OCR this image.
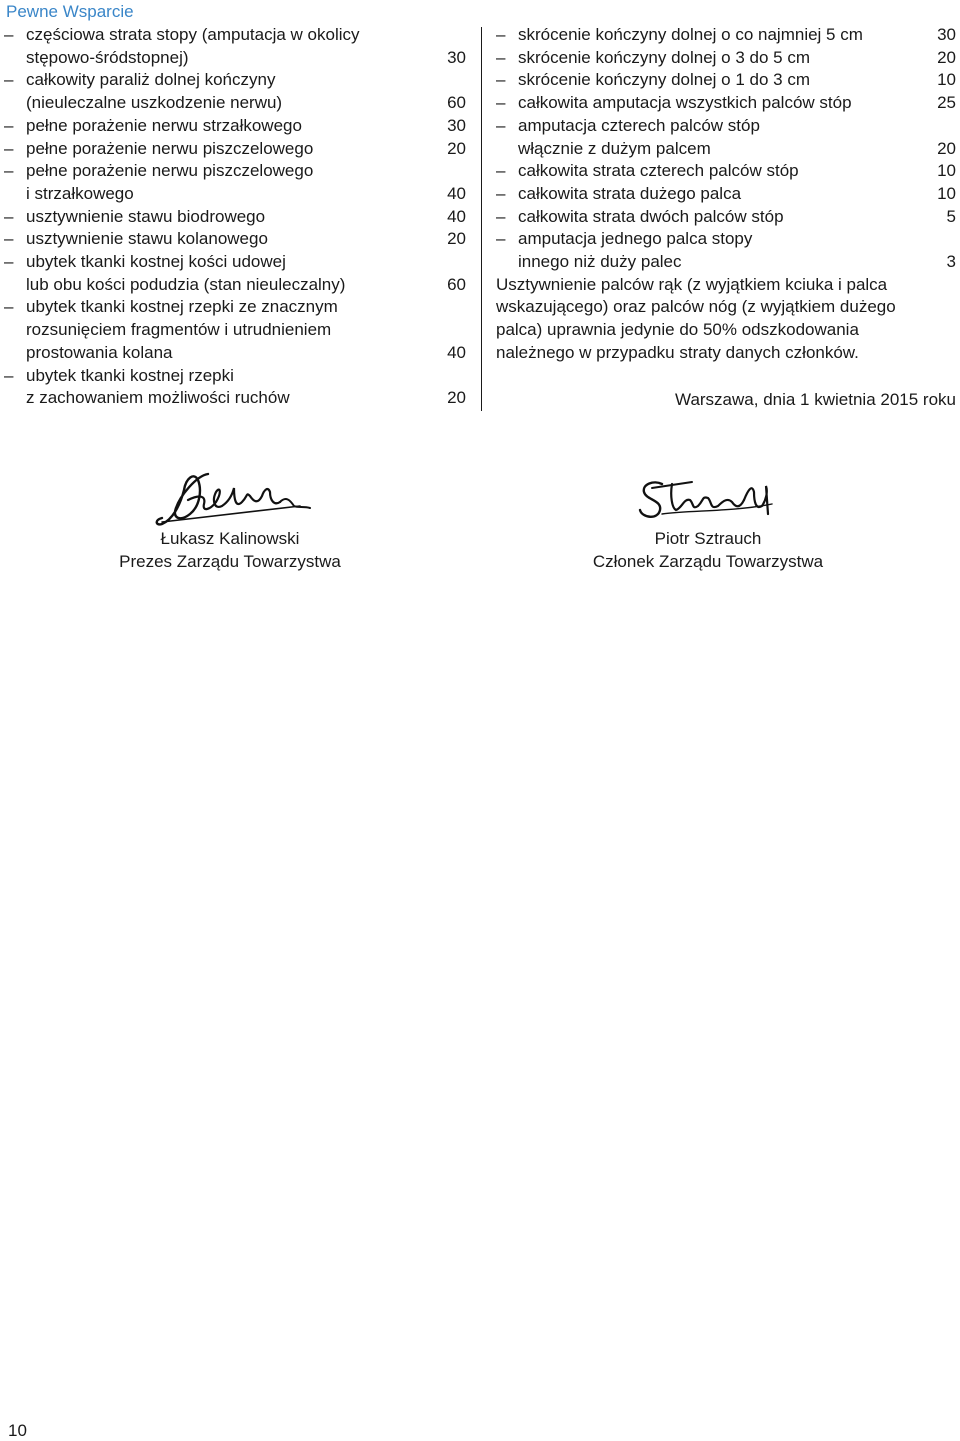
Pewne Wsparcie
– częściowa strata stopy (amputacja w okolicy
stępowo-śródstopnej)	30
– całkowity paraliż dolnej kończyny
(nieuleczalne uszkodzenie nerwu)	60
– pełne porażenie nerwu strzałkowego	30
– pełne porażenie nerwu piszczelowego	20
– pełne porażenie nerwu piszczelowego
i strzałkowego	40
– usztywnienie stawu biodrowego	40
– usztywnienie stawu kolanowego	20
– ubytek tkanki kostnej kości udowej
lub obu kości podudzia (stan nieuleczalny)	60
– ubytek tkanki kostnej rzepki ze znacznym
rozsunięciem fragmentów i utrudnieniem
prostowania kolana	40
– ubytek tkanki kostnej rzepki
z zachowaniem możliwości ruchów	20
– skrócenie kończyny dolnej o co najmniej 5 cm	30
– skrócenie kończyny dolnej o 3 do 5 cm	20
– skrócenie kończyny dolnej o 1 do 3 cm	10
– całkowita amputacja wszystkich palców stóp	25
– amputacja czterech palców stóp
włącznie z dużym palcem	20
– całkowita strata czterech palców stóp	10
– całkowita strata dużego palca	10
– całkowita strata dwóch palców stóp	5
– amputacja jednego palca stopy
innego niż duży palec	3
Usztywnienie palców rąk (z wyjątkiem kciuka i palca
wskazującego) oraz palców nóg (z wyjątkiem dużego
palca) uprawnia jedynie do 50% odszkodowania
należnego w przypadku straty danych członków.
Warszawa, dnia 1 kwietnia 2015 roku
Łukasz Kalinowski
Prezes Zarządu Towarzystwa
Piotr Sztrauch
Członek Zarządu Towarzystwa
10
